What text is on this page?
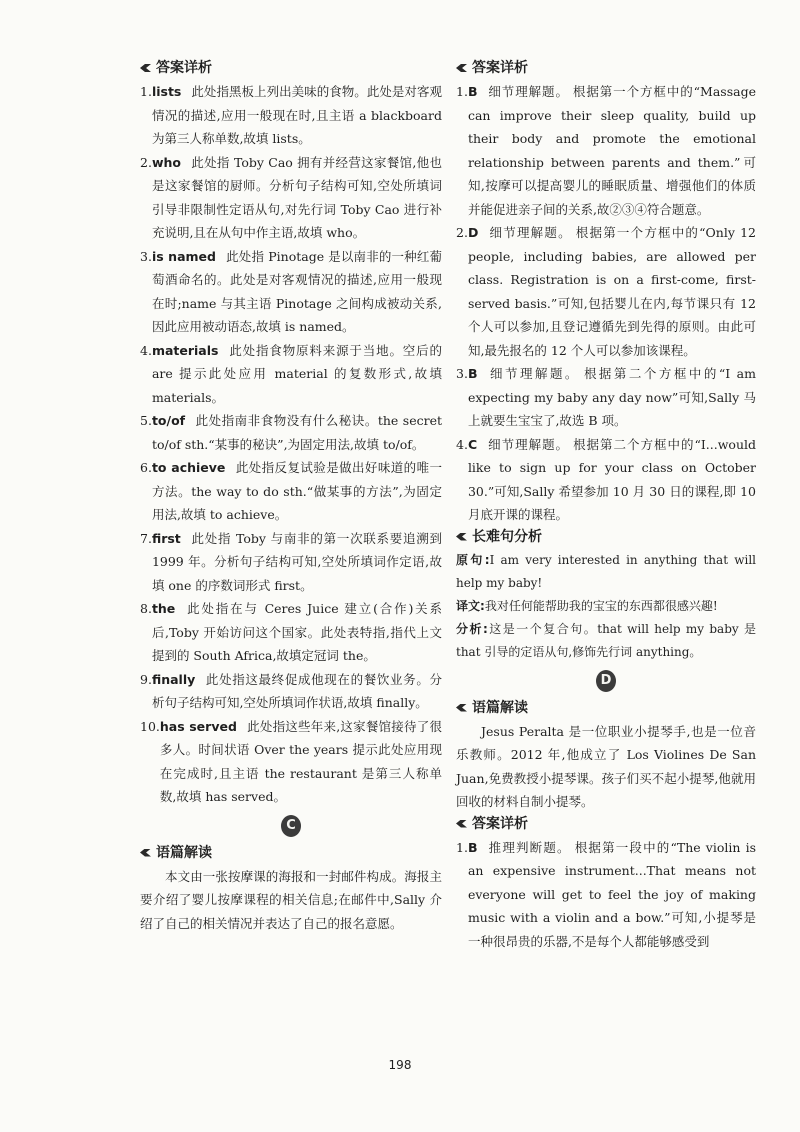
答案详析
1. lists 此处指黑板上列出美味的食物。此处是对客观情况的描述,应用一般现在时,且主语 a blackboard 为第三人称单数,故填 lists。
2. who 此处指 Toby Cao 拥有并经营这家餐馆,他也是这家餐馆的厨师。分析句子结构可知,空处所填词引导非限制性定语从句,对先行词 Toby Cao 进行补充说明,且在从句中作主语,故填 who。
3. is named 此处指 Pinotage 是以南非的一种红葡萄酒命名的。此处是对客观情况的描述,应用一般现在时;name 与其主语 Pinotage 之间构成被动关系,因此应用被动语态,故填 is named。
4. materials 此处指食物原料来源于当地。空后的 are 提示此处应用 material 的复数形式,故填 materials。
5. to/of 此处指南非食物没有什么秘诀。the secret to/of sth.“某事的秘诀”,为固定用法,故填 to/of。
6. to achieve 此处指反复试验是做出好味道的唯一方法。the way to do sth.“做某事的方法”,为固定用法,故填 to achieve。
7. first 此处指 Toby 与南非的第一次联系要追溯到 1999 年。分析句子结构可知,空处所填词作定语,故填 one 的序数词形式 first。
8. the 此处指在与 Ceres Juice 建立(合作)关系后,Toby 开始访问这个国家。此处表特指,指代上文提到的 South Africa,故填定冠词 the。
9. finally 此处指这最终促成他现在的餐饮业务。分析句子结构可知,空处所填词作状语,故填 finally。
10. has served 此处指这些年来,这家餐馆接待了很多人。时间状语 Over the years 提示此处应用现在完成时,且主语 the restaurant 是第三人称单数,故填 has served。
C
语篇解读

本文由一张按摩课的海报和一封邮件构成。海报主要介绍了婴儿按摩课程的相关信息;在邮件中,Sally 介绍了自己的相关情况并表达了自己的报名意愿。

答案详析
1. B 细节理解题。 根据第一个方框中的“Massage can improve their sleep quality, build up their body and promote the emotional relationship between parents and them.”可知,按摩可以提高婴儿的睡眠质量、增强他们的体质并能促进亲子间的关系,故②③④符合题意。
2. D 细节理解题。 根据第一个方框中的“Only 12 people, including babies, are allowed per class. Registration is on a first-come, first-served basis.”可知,包括婴儿在内,每节课只有 12 个人可以参加,且登记遵循先到先得的原则。由此可知,最先报名的 12 个人可以参加该课程。
3. B 细节理解题。 根据第二个方框中的“I am expecting my baby any day now”可知,Sally 马上就要生宝宝了,故选 B 项。
4. C 细节理解题。 根据第二个方框中的“I...would like to sign up for your class on October 30.”可知,Sally 希望参加 10 月 30 日的课程,即 10 月底开课的课程。
长难句分析

原句:I am very interested in anything that will help my baby!

译文:我对任何能帮助我的宝宝的东西都很感兴趣!

分析:这是一个复合句。that will help my baby 是 that 引导的定语从句,修饰先行词 anything。

D
语篇解读

Jesus Peralta 是一位职业小提琴手,也是一位音乐教师。2012 年,他成立了 Los Violines De San Juan,免费教授小提琴课。孩子们买不起小提琴,他就用回收的材料自制小提琴。

答案详析
1. B 推理判断题。 根据第一段中的“The violin is an expensive instrument...That means not everyone will get to feel the joy of making music with a violin and a bow.”可知,小提琴是一种很昂贵的乐器,不是每个人都能够感受到
198
